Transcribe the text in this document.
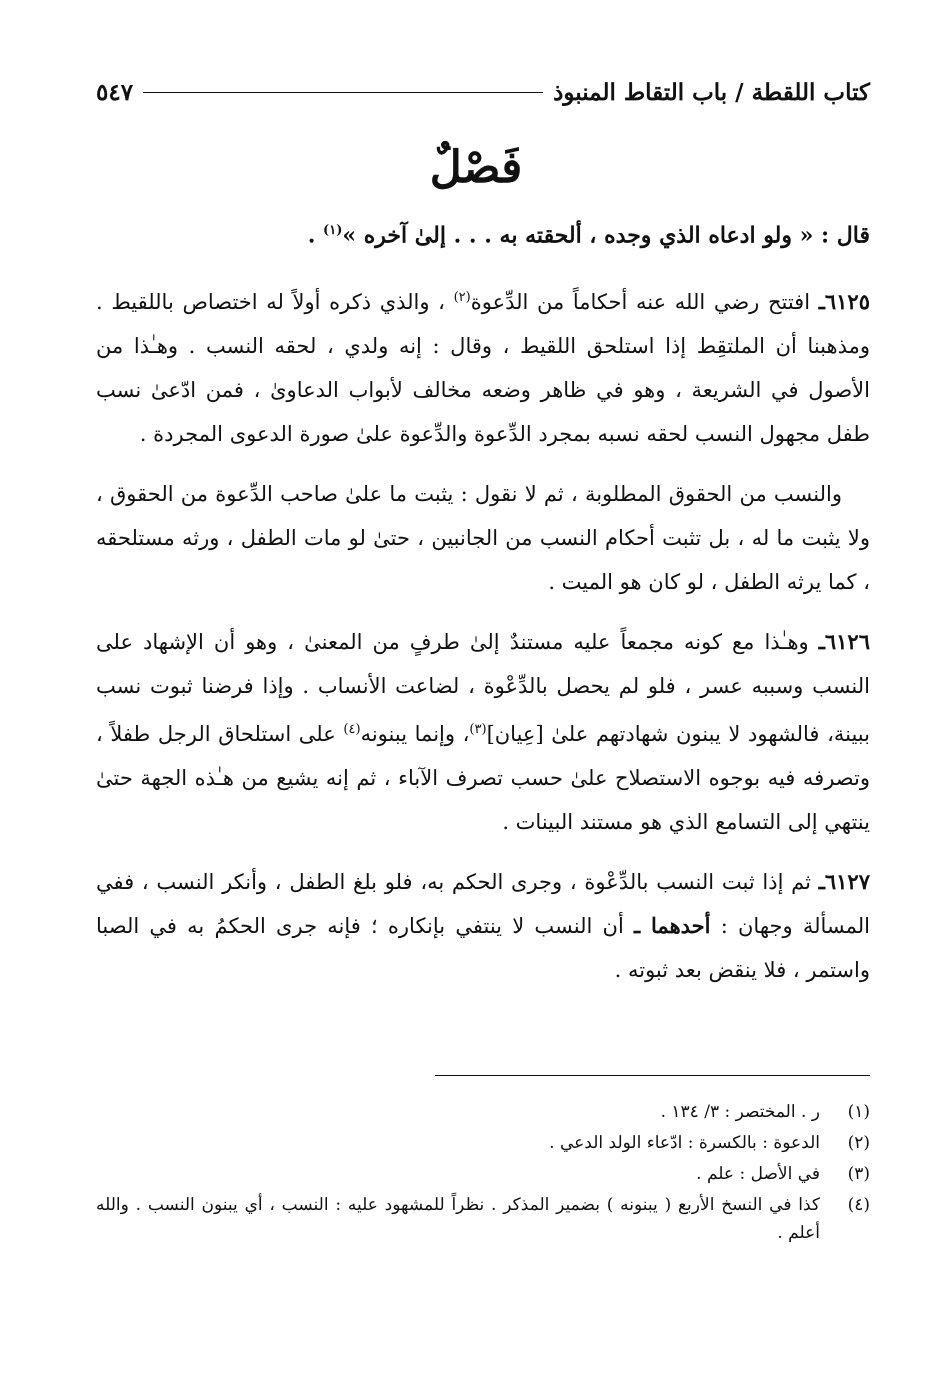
كتاب اللقطة / باب التقاط المنبوذ
٥٤٧
فَصْلٌ
قال : « ولو ادعاه الذي وجده ، ألحقته به . . . إلىٰ آخره »$^{(١)}$ .

٦١٢٥ـ افتتح رضي الله عنه أحكاماً من الدِّعوة$^{(٢)}$ ، والذي ذكره أولاً له اختصاص باللقيط . ومذهبنا أن الملتقِط إذا استلحق اللقيط ، وقال : إنه ولدي ، لحقه النسب . وهـٰذا من الأصول في الشريعة ، وهو في ظاهر وضعه مخالف لأبواب الدعاوىٰ ، فمن ادّعىٰ نسب طفل مجهول النسب لحقه نسبه بمجرد الدِّعوة والدِّعوة علىٰ صورة الدعوى المجردة .

والنسب من الحقوق المطلوبة ، ثم لا نقول : يثبت ما علىٰ صاحب الدِّعوة من الحقوق ، ولا يثبت ما له ، بل تثبت أحكام النسب من الجانبين ، حتىٰ لو مات الطفل ، ورثه مستلحقه ، كما يرثه الطفل ، لو كان هو الميت .

٦١٢٦ـ وهـٰذا مع كونه مجمعاً عليه مستندٌ إلىٰ طرفٍ من المعنىٰ ، وهو أن الإشهاد على النسب وسببه عسر ، فلو لم يحصل بالدِّعْوة ، لضاعت الأنساب . وإذا فرضنا ثبوت نسب ببينة، فالشهود لا يبنون شهادتهم علىٰ [عِيان]$^{(٣)}$، وإنما يبنونه$^{(٤)}$ على استلحاق الرجل طفلاً ، وتصرفه فيه بوجوه الاستصلاح علىٰ حسب تصرف الآباء ، ثم إنه يشيع من هـٰذه الجهة حتىٰ ينتهي إلى التسامع الذي هو مستند البينات .

٦١٢٧ـ ثم إذا ثبت النسب بالدِّعْوة ، وجرى الحكم به، فلو بلغ الطفل ، وأنكر النسب ، ففي المسألة وجهان : أحدهما ـ أن النسب لا ينتفي بإنكاره ؛ فإنه جرى الحكمُ به في الصبا واستمر ، فلا ينقض بعد ثبوته .

(١)
ر . المختصر : ٣/ ١٣٤ .
(٢)
الدعوة : بالكسرة : ادّعاء الولد الدعي .
(٣)
في الأصل : علم .
(٤)
كذا في النسخ الأربع ( يبنونه ) بضمير المذكر . نظراً للمشهود عليه : النسب ، أي يبنون النسب . والله أعلم .
